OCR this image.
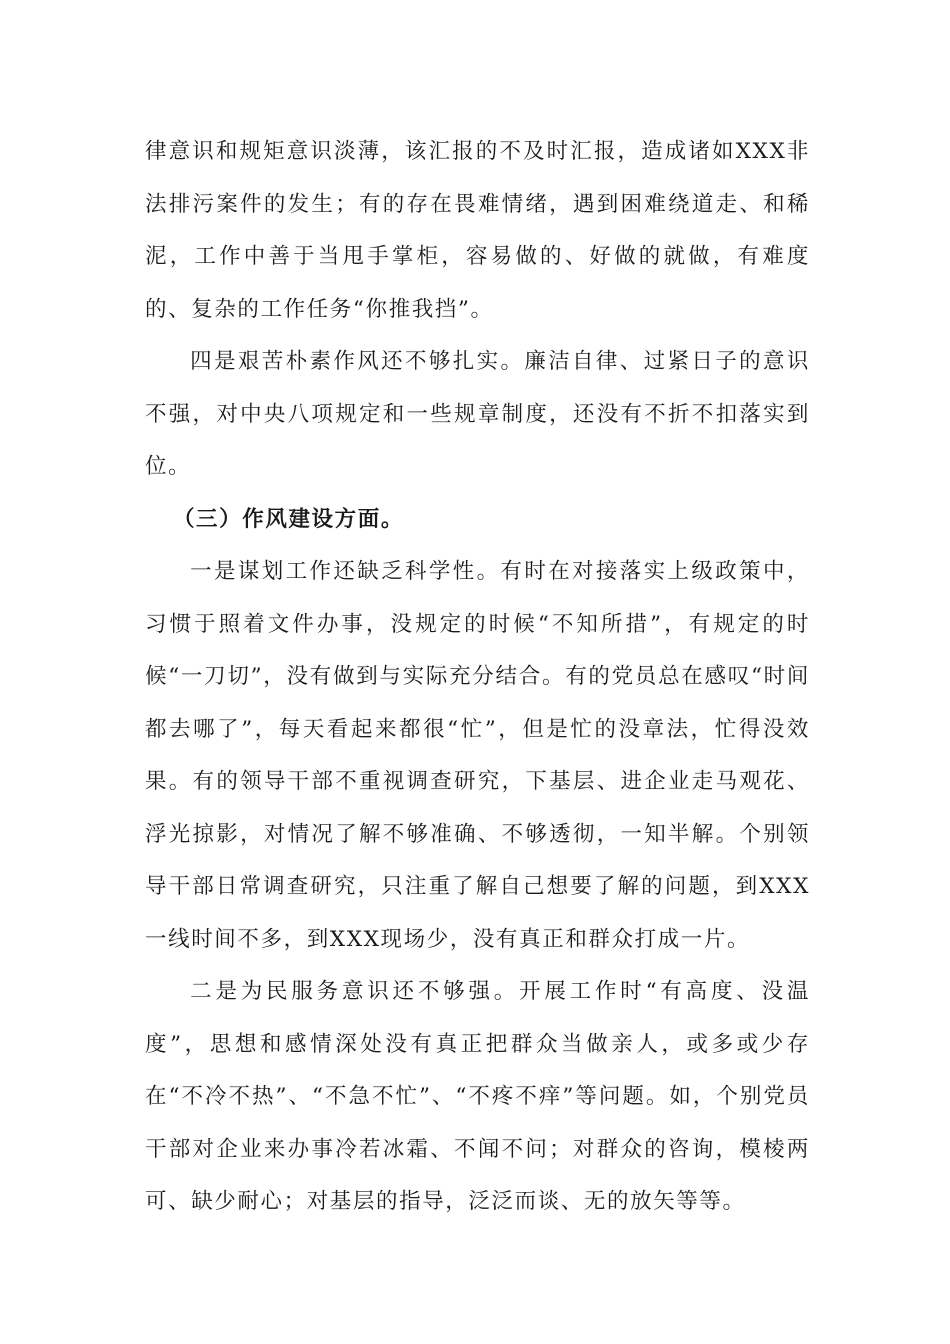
律意识和规矩意识淡薄，该汇报的不及时汇报，造成诸如XXX非法排污案件的发生；有的存在畏难情绪，遇到困难绕道走、和稀泥，工作中善于当甩手掌柜，容易做的、好做的就做，有难度的、复杂的工作任务“你推我挡”。

四是艰苦朴素作风还不够扎实。廉洁自律、过紧日子的意识不强，对中央八项规定和一些规章制度，还没有不折不扣落实到位。

（三）作风建设方面。

一是谋划工作还缺乏科学性。有时在对接落实上级政策中，习惯于照着文件办事，没规定的时候“不知所措”，有规定的时候“一刀切”，没有做到与实际充分结合。有的党员总在感叹“时间都去哪了”，每天看起来都很“忙”，但是忙的没章法，忙得没效果。有的领导干部不重视调查研究，下基层、进企业走马观花、浮光掠影，对情况了解不够准确、不够透彻，一知半解。个别领导干部日常调查研究，只注重了解自己想要了解的问题，到XXX一线时间不多，到XXX现场少，没有真正和群众打成一片。

二是为民服务意识还不够强。开展工作时“有高度、没温度”，思想和感情深处没有真正把群众当做亲人，或多或少存在“不冷不热”、“不急不忙”、“不疼不痒”等问题。如，个别党员干部对企业来办事冷若冰霜、不闻不问；对群众的咨询，模棱两可、缺少耐心；对基层的指导，泛泛而谈、无的放矢等等。
